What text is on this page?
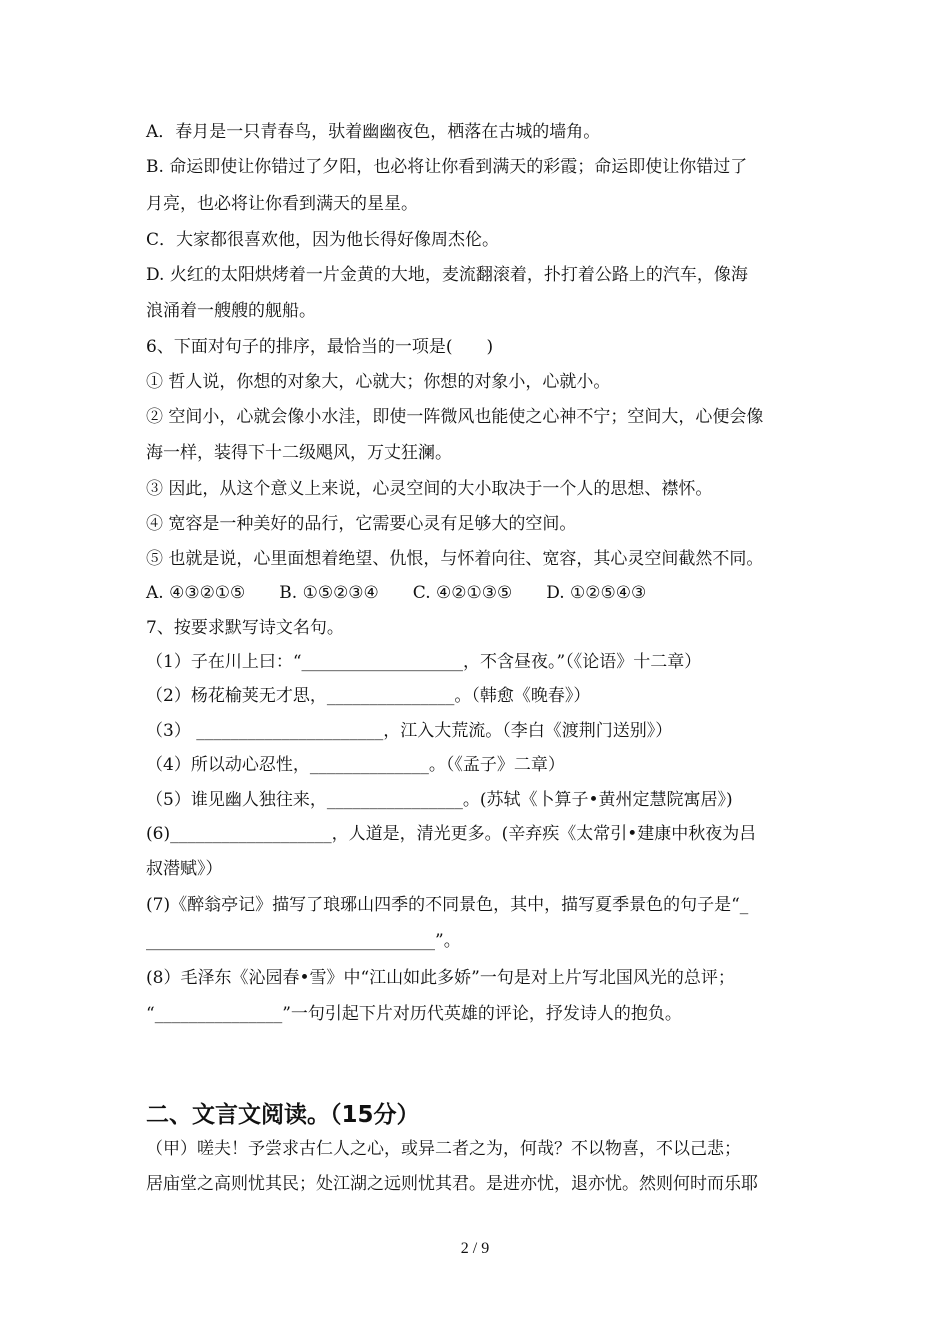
A．春月是一只青春鸟，驮着幽幽夜色，栖落在古城的墙角。
B. 命运即使让你错过了夕阳，也必将让你看到满天的彩霞；命运即使让你错过了
月亮，也必将让你看到满天的星星。
C．大家都很喜欢他，因为他长得好像周杰伦。
D. 火红的太阳烘烤着一片金黄的大地，麦流翻滚着，扑打着公路上的汽车，像海
浪涌着一艘艘的舰船。
6、下面对句子的排序，最恰当的一项是(　　)
① 哲人说，你想的对象大，心就大；你想的对象小，心就小。
② 空间小，心就会像小水洼，即使一阵微风也能使之心神不宁；空间大，心便会像
海一样，装得下十二级飓风，万丈狂澜。
③ 因此，从这个意义上来说，心灵空间的大小取决于一个人的思想、襟怀。
④ 宽容是一种美好的品行，它需要心灵有足够大的空间。
⑤ 也就是说，心里面想着绝望、仇恨，与怀着向往、宽容，其心灵空间截然不同。
A. ④③②①⑤　　B. ①⑤②③④　　C. ④②①③⑤　　D. ①②⑤④③
7、按要求默写诗文名句。
（1）子在川上曰：“___________________，不含昼夜。”（《论语》十二章）
（2）杨花榆荚无才思，_______________。（韩愈《晚春》）
（3） ______________________，江入大荒流。（李白《渡荆门送别》）
（4）所以动心忍性，______________。（《孟子》二章）
（5）谁见幽人独往来，________________。(苏轼《卜算子•黄州定慧院寓居》)
(6)___________________，人道是，清光更多。(辛弃疾《太常引•建康中秋夜为吕
叔潜赋》）
(7)《醉翁亭记》描写了琅琊山四季的不同景色，其中，描写夏季景色的句子是“_
__________________________________”。
(8）毛泽东《沁园春•雪》中“江山如此多娇”一句是对上片写北国风光的总评；
“_______________”一句引起下片对历代英雄的评论，抒发诗人的抱负。
二、文言文阅读。（15分）
（甲）嗟夫！予尝求古仁人之心，或异二者之为，何哉？不以物喜，不以己悲；
居庙堂之高则忧其民；处江湖之远则忧其君。是进亦忧，退亦忧。然则何时而乐耶
2 / 9
